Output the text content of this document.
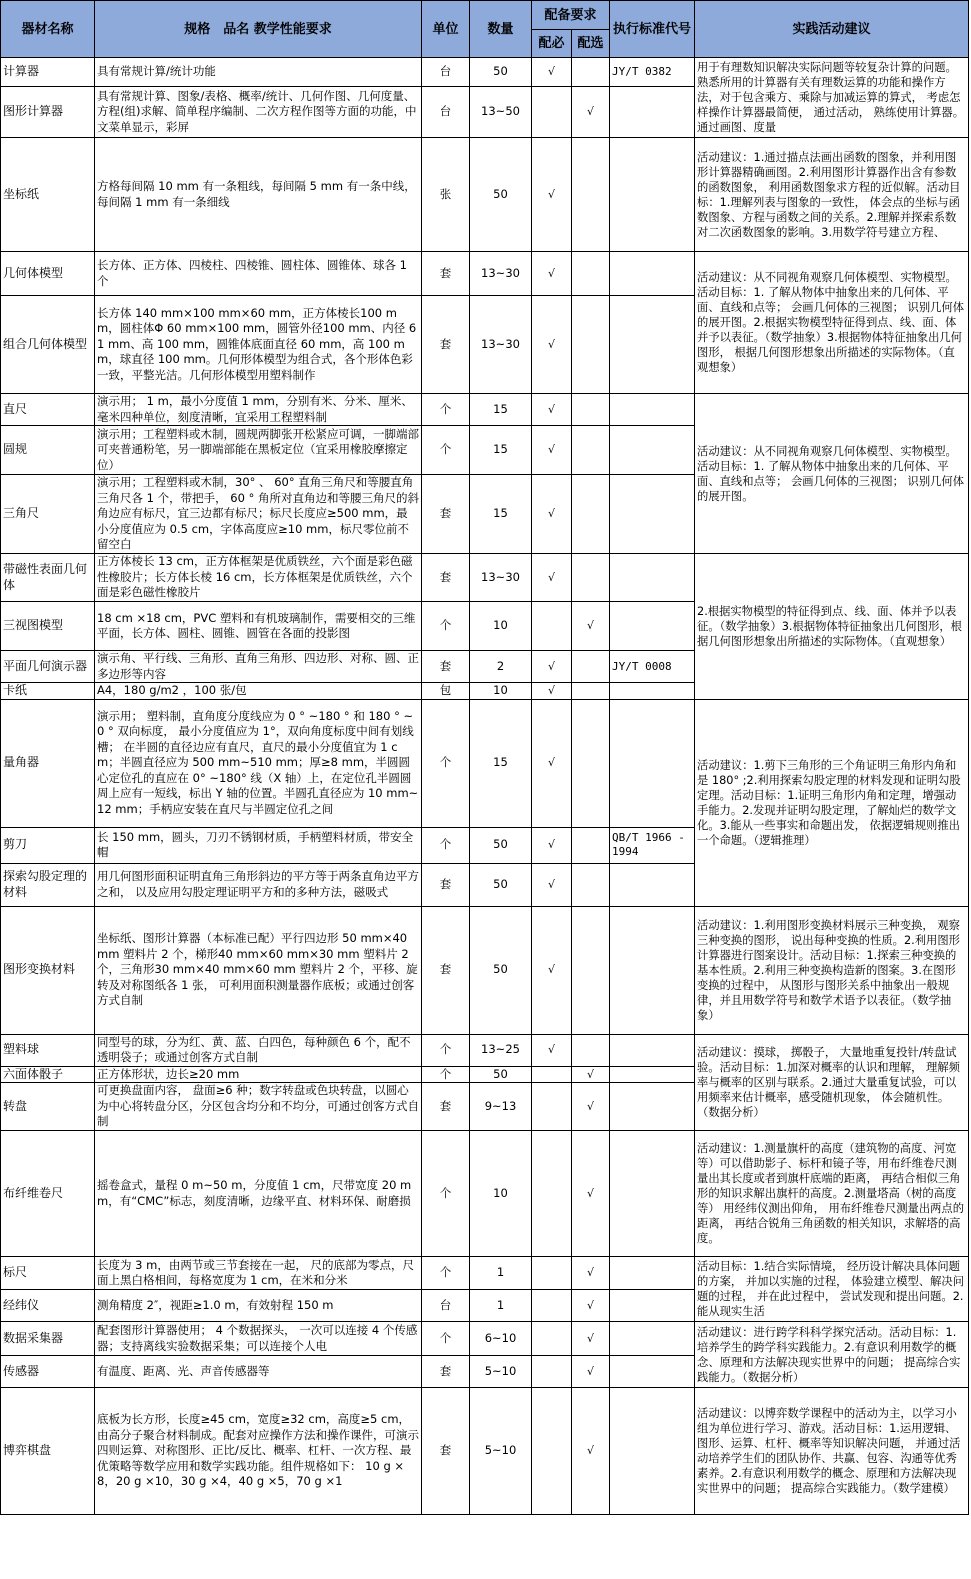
器材名称	规格　品名 教学性能要求	单位	数量	配备要求		执行标准代号	实践活动建议
				配必	配选		
计算器	具有常规计算/统计功能	台	50	√		JY/T 0382	用于有理数知识解决实际问题等较复杂计算的问题。熟悉所用的计算器有关有理数运算的功能和操作方法，对于包含乘方、乘除与加减运算的算式， 考虑怎样操作计算器最简便， 通过活动， 熟练使用计算器。 通过画图、度量
图形计算器	具有常规计算、图象/表格、概率/统计、几何作图、几何度量、方程(组)求解、简单程序编制、二次方程作图等方面的功能，中文菜单显示，彩屏	台	13~50		√		
坐标纸	方格每间隔 10 mm 有一条粗线，每间隔 5 mm 有一条中线，每间隔 1 mm 有一条细线	张	50	√			活动建议：1.通过描点法画出函数的图象，并利用图形计算器精确画图。2.利用图形计算器作出含有参数的函数图象， 利用函数图象求方程的近似解。活动目标：1.理解列表与图象的一致性， 体会点的坐标与函数图象、方程与函数之间的关系。2.理解并探索系数对二次函数图象的影响。3.用数学符号建立方程、
几何体模型	长方体、正方体、四棱柱、四棱锥、圆柱体、圆锥体、球各 1 个	套	13~30	√			活动建议：从不同视角观察几何体模型、实物模型。活动目标：1. 了解从物体中抽象出来的几何体、平面、直线和点等； 会画几何体的三视图； 识别几何体的展开图。2.根据实物模型特征得到点、线、面、体并予以表征。（数学抽象）3.根据物体特征抽象出几何图形， 根据几何图形想象出所描述的实际物体。（直观想象）
组合几何体模型	长方体 140 mm×100 mm×60 mm，正方体棱长100 mm，圆柱体Φ 60 mm×100 mm，圆管外径100 mm、内径 61 mm、高 100 mm，圆锥体底面直径 60 mm，高 100 mm，球直径 100 mm。几何形体模型为组合式，各个形体色彩一致，平整光洁。几何形体模型用塑料制作	套	13~30	√			
直尺	演示用； 1 m，最小分度值 1 mm，分别有米、分米、厘米、毫米四种单位，刻度清晰，宜采用工程塑料制	个	15	√			活动建议：从不同视角观察几何体模型、实物模型。活动目标：1. 了解从物体中抽象出来的几何体、平面、直线和点等； 会画几何体的三视图； 识别几何体的展开图。
圆规	演示用；工程塑料或木制，圆规两脚张开松紧应可调，一脚端部可夹普通粉笔，另一脚端部能在黑板定位（宜采用橡胶摩擦定位）	个	15	√			
三角尺	演示用；工程塑料或木制，30° 、 60° 直角三角尺和等腰直角三角尺各 1 个，带把手， 60 ° 角所对直角边和等腰三角尺的斜角边应有标尺，宜三边都有标尺；标尺长度应≥500 mm，最小分度值应为 0.5 cm，字体高度应≥10 mm，标尺零位前不留空白	套	15	√			
带磁性表面几何体	正方体棱长 13 cm，正方体框架是优质铁丝，六个面是彩色磁性橡胶片；长方体长棱 16 cm，长方体框架是优质铁丝，六个面是彩色磁性橡胶片	套	13~30	√			2.根据实物模型的特征得到点、线、面、体并予以表征。（数学抽象）3.根据物体特征抽象出几何图形，根据几何图形想象出所描述的实际物体。（直观想象）
三视图模型	18 cm ×18 cm，PVC 塑料和有机玻璃制作，需要相交的三维平面，长方体、圆柱、圆锥、圆管在各面的投影图	个	10		√		
平面几何演示器	演示角、平行线、三角形、直角三角形、四边形、对称、圆、正多边形等内容	套	2	√		JY/T 0008	
卡纸	A4，180 g/m2 ，100 张/包	包	10	√			
量角器	演示用； 塑料制，直角度分度线应为 0 ° ~180 ° 和 180 ° ~0 ° 双向标度， 最小分度值应为 1°，双向角度标度中间有划线槽； 在半圆的直径边应有直尺，直尺的最小分度值宜为 1 cm；半圆直径应为 500 mm~510 mm；厚≥8 mm，半圆圆心定位孔的直应在 0° ~180° 线（X 轴）上，在定位孔半圆圆周上应有一短线，标出 Y 轴的位置。半圆孔直径应为 10 mm~12 mm；手柄应安装在直尺与半圆定位孔之间	个	15	√			活动建议：1.剪下三角形的三个角证明三角形内角和是 180° ;2.利用探索勾股定理的材料发现和证明勾股定理。活动目标：1.证明三角形内角和定理，增强动手能力。2.发现并证明勾股定理，了解灿烂的数学文化。3.能从一些事实和命题出发， 依据逻辑规则推出一个命题。（逻辑推理）
剪刀	长 150 mm，圆头，刀刃不锈钢材质，手柄塑料材质，带安全帽	个	50	√		QB/T 1966 - 1994	
探索勾股定理的材料	用几何图形面积证明直角三角形斜边的平方等于两条直角边平方之和， 以及应用勾股定理证明平方和的多种方法，磁吸式	套	50	√			
图形变换材料	坐标纸、图形计算器（本标准已配）平行四边形 50 mm×40 mm 塑料片 2 个，梯形40 mm×60 mm×30 mm 塑料片 2 个，三角形30 mm×40 mm×60 mm 塑料片 2 个，平移、旋转及对称图纸各 1 张， 可利用面积测量器作底板；或通过创客方式自制	套	50	√			活动建议：1.利用图形变换材料展示三种变换， 观察三种变换的图形， 说出每种变换的性质。2.利用图形计算器进行图案设计。活动目标：1.探索三种变换的基本性质。2.利用三种变换构造新的图案。3.在图形变换的过程中， 从图形与图形关系中抽象出一般规律，并且用数学符号和数学术语予以表征。（数学抽象）
塑料球	同型号的球，分为红、黄、蓝、白四色，每种颜色 6 个，配不透明袋子；或通过创客方式自制	个	13~25	√			活动建议：摸球， 掷骰子， 大量地重复投针/转盘试验。活动目标：1.加深对概率的认识和理解， 理解频率与概率的区别与联系。2.通过大量重复试验，可以用频率来估计概率，感受随机现象， 体会随机性。（数据分析）
六面体骰子	正方体形状，边长≥20 mm	个	50		√		
转盘	可更换盘面内容， 盘面≥6 种；数字转盘或色块转盘，以圆心为中心将转盘分区，分区包含均分和不均分，可通过创客方式自制	套	9~13		√		
布纤维卷尺	摇卷盒式，量程 0 m~50 m，分度值 1 cm，尺带宽度 20 mm，有“CMC”标志，刻度清晰，边缘平直、材料环保、耐磨损	个	10		√		活动建议：1.测量旗杆的高度（建筑物的高度、河宽等）可以借助影子、标杆和镜子等，用布纤维卷尺测量出其长度或者到旗杆底端的距离， 再结合相似三角形的知识求解出旗杆的高度。2.测量塔高（树的高度等） 用经纬仪测出仰角， 用布纤维卷尺测量出两点的距离， 再结合锐角三角函数的相关知识，求解塔的高度。
标尺	长度为 3 m，由两节或三节套接在一起， 尺的底部为零点，尺面上黑白格相间，每格宽度为 1 cm，在米和分米	个	1		√		活动目标：1.结合实际情境， 经历设计解决具体问题的方案， 并加以实施的过程， 体验建立模型、解决问题的过程， 并在此过程中， 尝试发现和提出问题。2.能从现实生活
经纬仪	测角精度 2″，视距≥1.0 m，有效射程 150 m	台	1		√		
数据采集器	配套图形计算器使用； 4 个数据探头， 一次可以连接 4 个传感器；支持离线实验数据采集；可以连接个人电	个	6~10		√		活动建议：进行跨学科科学探究活动。活动目标：1.培养学生的跨学科实践能力。2.有意识利用数学的概念、原理和方法解决现实世界中的问题； 提高综合实践能力。（数据分析）
传感器	有温度、距离、光、声音传感器等	套	5~10		√		
博弈棋盘	底板为长方形，长度≥45 cm，宽度≥32 cm，高度≥5 cm，由高分子聚合材料制成。配套对应操作方法和操作课件，可演示四则运算、对称图形、正比/反比、概率、杠杆、一次方程、最优策略等数学应用和数学实践功能。组件规格如下： 10 g ×8，20 g ×10，30 g ×4，40 g ×5，70 g ×1	套	5~10		√		活动建议：以博弈数学课程中的活动为主，以学习小组为单位进行学习、游戏。活动目标：1.运用逻辑、图形、运算、杠杆、概率等知识解决问题， 并通过活动培养学生们的团队协作、共赢、包容、沟通等优秀素养。2.有意识利用数学的概念、原理和方法解决现实世界中的问题； 提高综合实践能力。（数学建模）
